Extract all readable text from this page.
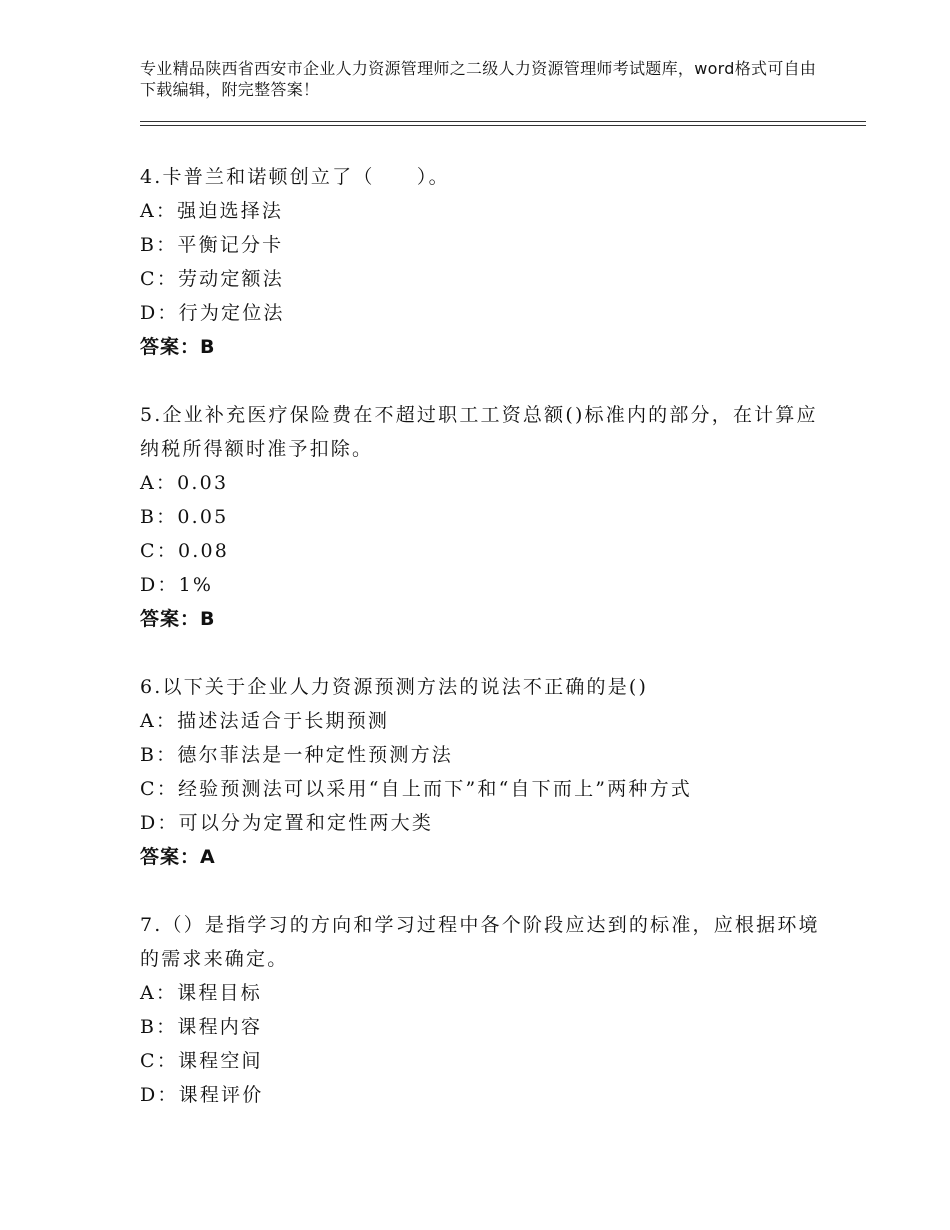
专业精品陕西省西安市企业人力资源管理师之二级人力资源管理师考试题库，word格式可自由下载编辑，附完整答案！
4.卡普兰和诺顿创立了（　　）。
A：强迫选择法
B：平衡记分卡
C：劳动定额法
D：行为定位法
答案：B
5.企业补充医疗保险费在不超过职工工资总额()标准内的部分，在计算应纳税所得额时准予扣除。
A：0.03
B：0.05
C：0.08
D：1%
答案：B
6.以下关于企业人力资源预测方法的说法不正确的是()
A：描述法适合于长期预测
B：德尔菲法是一种定性预测方法
C：经验预测法可以采用“自上而下”和“自下而上”两种方式
D：可以分为定置和定性两大类
答案：A
7.（）是指学习的方向和学习过程中各个阶段应达到的标准，应根据环境的需求来确定。
A：课程目标
B：课程内容
C：课程空间
D：课程评价
